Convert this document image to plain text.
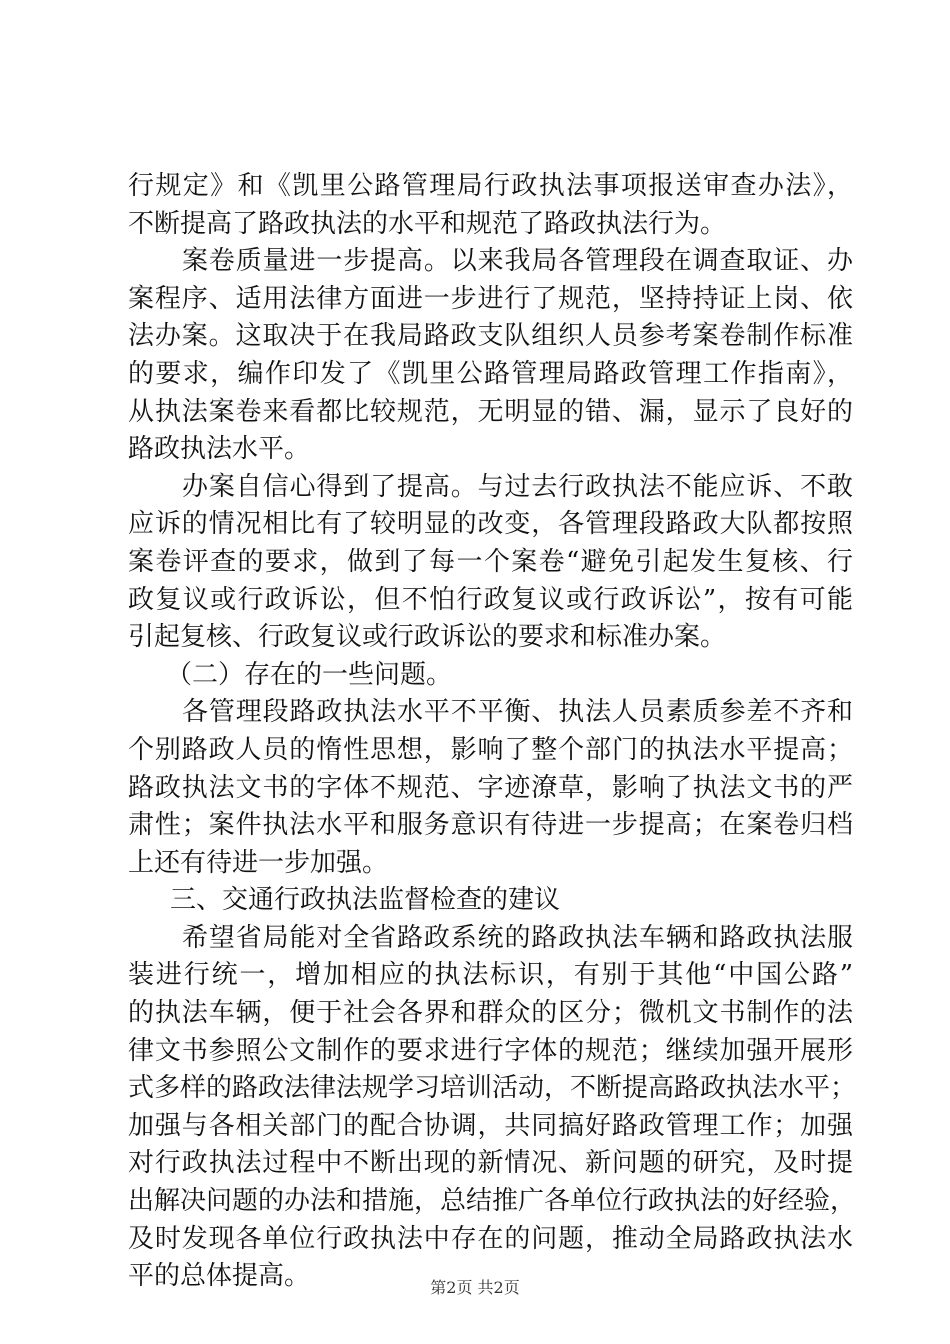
行规定》和《凯里公路管理局行政执法事项报送审查办法》，
不断提高了路政执法的水平和规范了路政执法行为。
案卷质量进一步提高。以来我局各管理段在调查取证、办
案程序、适用法律方面进一步进行了规范，坚持持证上岗、依
法办案。这取决于在我局路政支队组织人员参考案卷制作标准
的要求，编作印发了《凯里公路管理局路政管理工作指南》，
从执法案卷来看都比较规范，无明显的错、漏，显示了良好的
路政执法水平。
办案自信心得到了提高。与过去行政执法不能应诉、不敢
应诉的情况相比有了较明显的改变，各管理段路政大队都按照
案卷评查的要求，做到了每一个案卷“避免引起发生复核、行
政复议或行政诉讼，但不怕行政复议或行政诉讼”，按有可能
引起复核、行政复议或行政诉讼的要求和标准办案。
（二）存在的一些问题。
各管理段路政执法水平不平衡、执法人员素质参差不齐和
个别路政人员的惰性思想，影响了整个部门的执法水平提高；
路政执法文书的字体不规范、字迹潦草，影响了执法文书的严
肃性；案件执法水平和服务意识有待进一步提高；在案卷归档
上还有待进一步加强。
三、交通行政执法监督检查的建议
希望省局能对全省路政系统的路政执法车辆和路政执法服
装进行统一，增加相应的执法标识，有别于其他“中国公路”
的执法车辆，便于社会各界和群众的区分；微机文书制作的法
律文书参照公文制作的要求进行字体的规范；继续加强开展形
式多样的路政法律法规学习培训活动，不断提高路政执法水平；
加强与各相关部门的配合协调，共同搞好路政管理工作；加强
对行政执法过程中不断出现的新情况、新问题的研究，及时提
出解决问题的办法和措施，总结推广各单位行政执法的好经验，
及时发现各单位行政执法中存在的问题，推动全局路政执法水
平的总体提高。	第2页 共2页
